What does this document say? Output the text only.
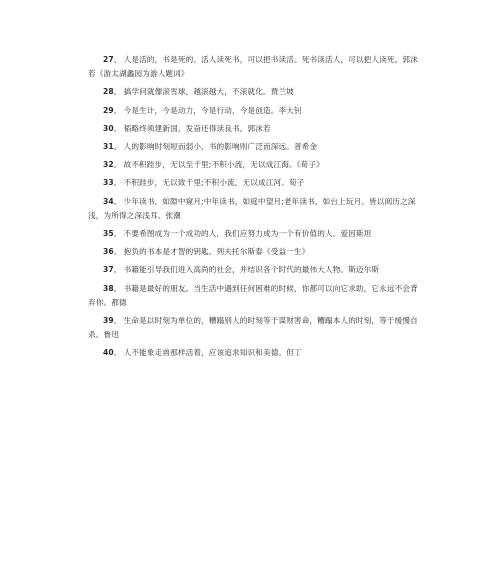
27． 人是活的，书是死的。活人读死书，可以把书读活。死书读活人，可以把人读死。郭沫若《游太湖蠡园为游人题词》
28． 搞学问就像滚雪球，越滚越大，不滚就化。贾兰坡
29． 今是生计，今是动力，今是行动，今是创造。李大钊
30． 韬略终须建新国，发奋还得读良书。郭沫若
31． 人的影响时刻短而弱小，书的影响则广泛而深远。普希金
32． 故不积跬步，无以至千里;不积小流，无以成江海。《荀子》
33． 不积跬步，无以致千里;不积小流，无以成江河。荀子
34． 少年读书，如隙中窥月;中年读书，如庭中望月;老年读书，如台上玩月。皆以阅历之深浅，为所得之深浅耳。张潮
35． 不要希图成为一个成功的人，我们应努力成为一个有价值的人。爱因斯坦
36． 抱负的书本是才智的钥匙。列夫托尔斯泰《受益一生》
37． 书籍能引导我们进入高尚的社会，并结识各个时代的最伟大人物。斯迈尔斯
38． 书籍是最好的朋友。当生活中遇到任何困难的时候，你都可以向它求助，它永远不会背弃你。都德
39． 生命是以时刻为单位的，糟蹋别人的时刻等于谋财害命，糟蹋本人的时刻，等于缓慢自杀。鲁迅
40． 人不能象走兽那样活着，应该追求知识和美德。但丁
